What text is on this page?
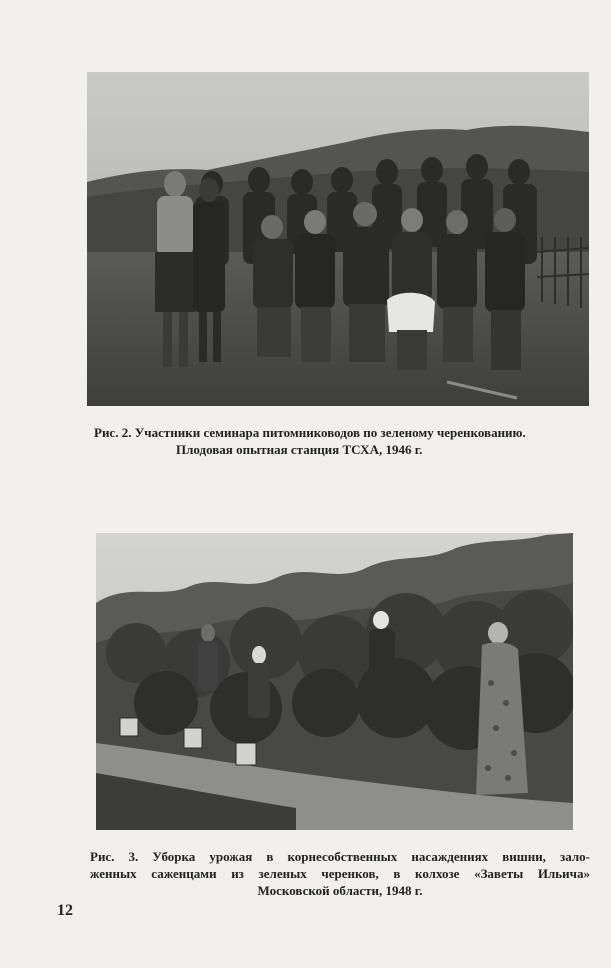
Рис. 2. Участники семинара питомниководов по зеленому черенкованию.
Плодовая опытная станция ТСХА, 1946 г.
Рис. 3. Уборка урожая в корнесобственных насаждениях вишни, зало-
женных саженцами из зеленых черенков, в колхозе «Заветы Ильича»
Московской области, 1948 г.
12
